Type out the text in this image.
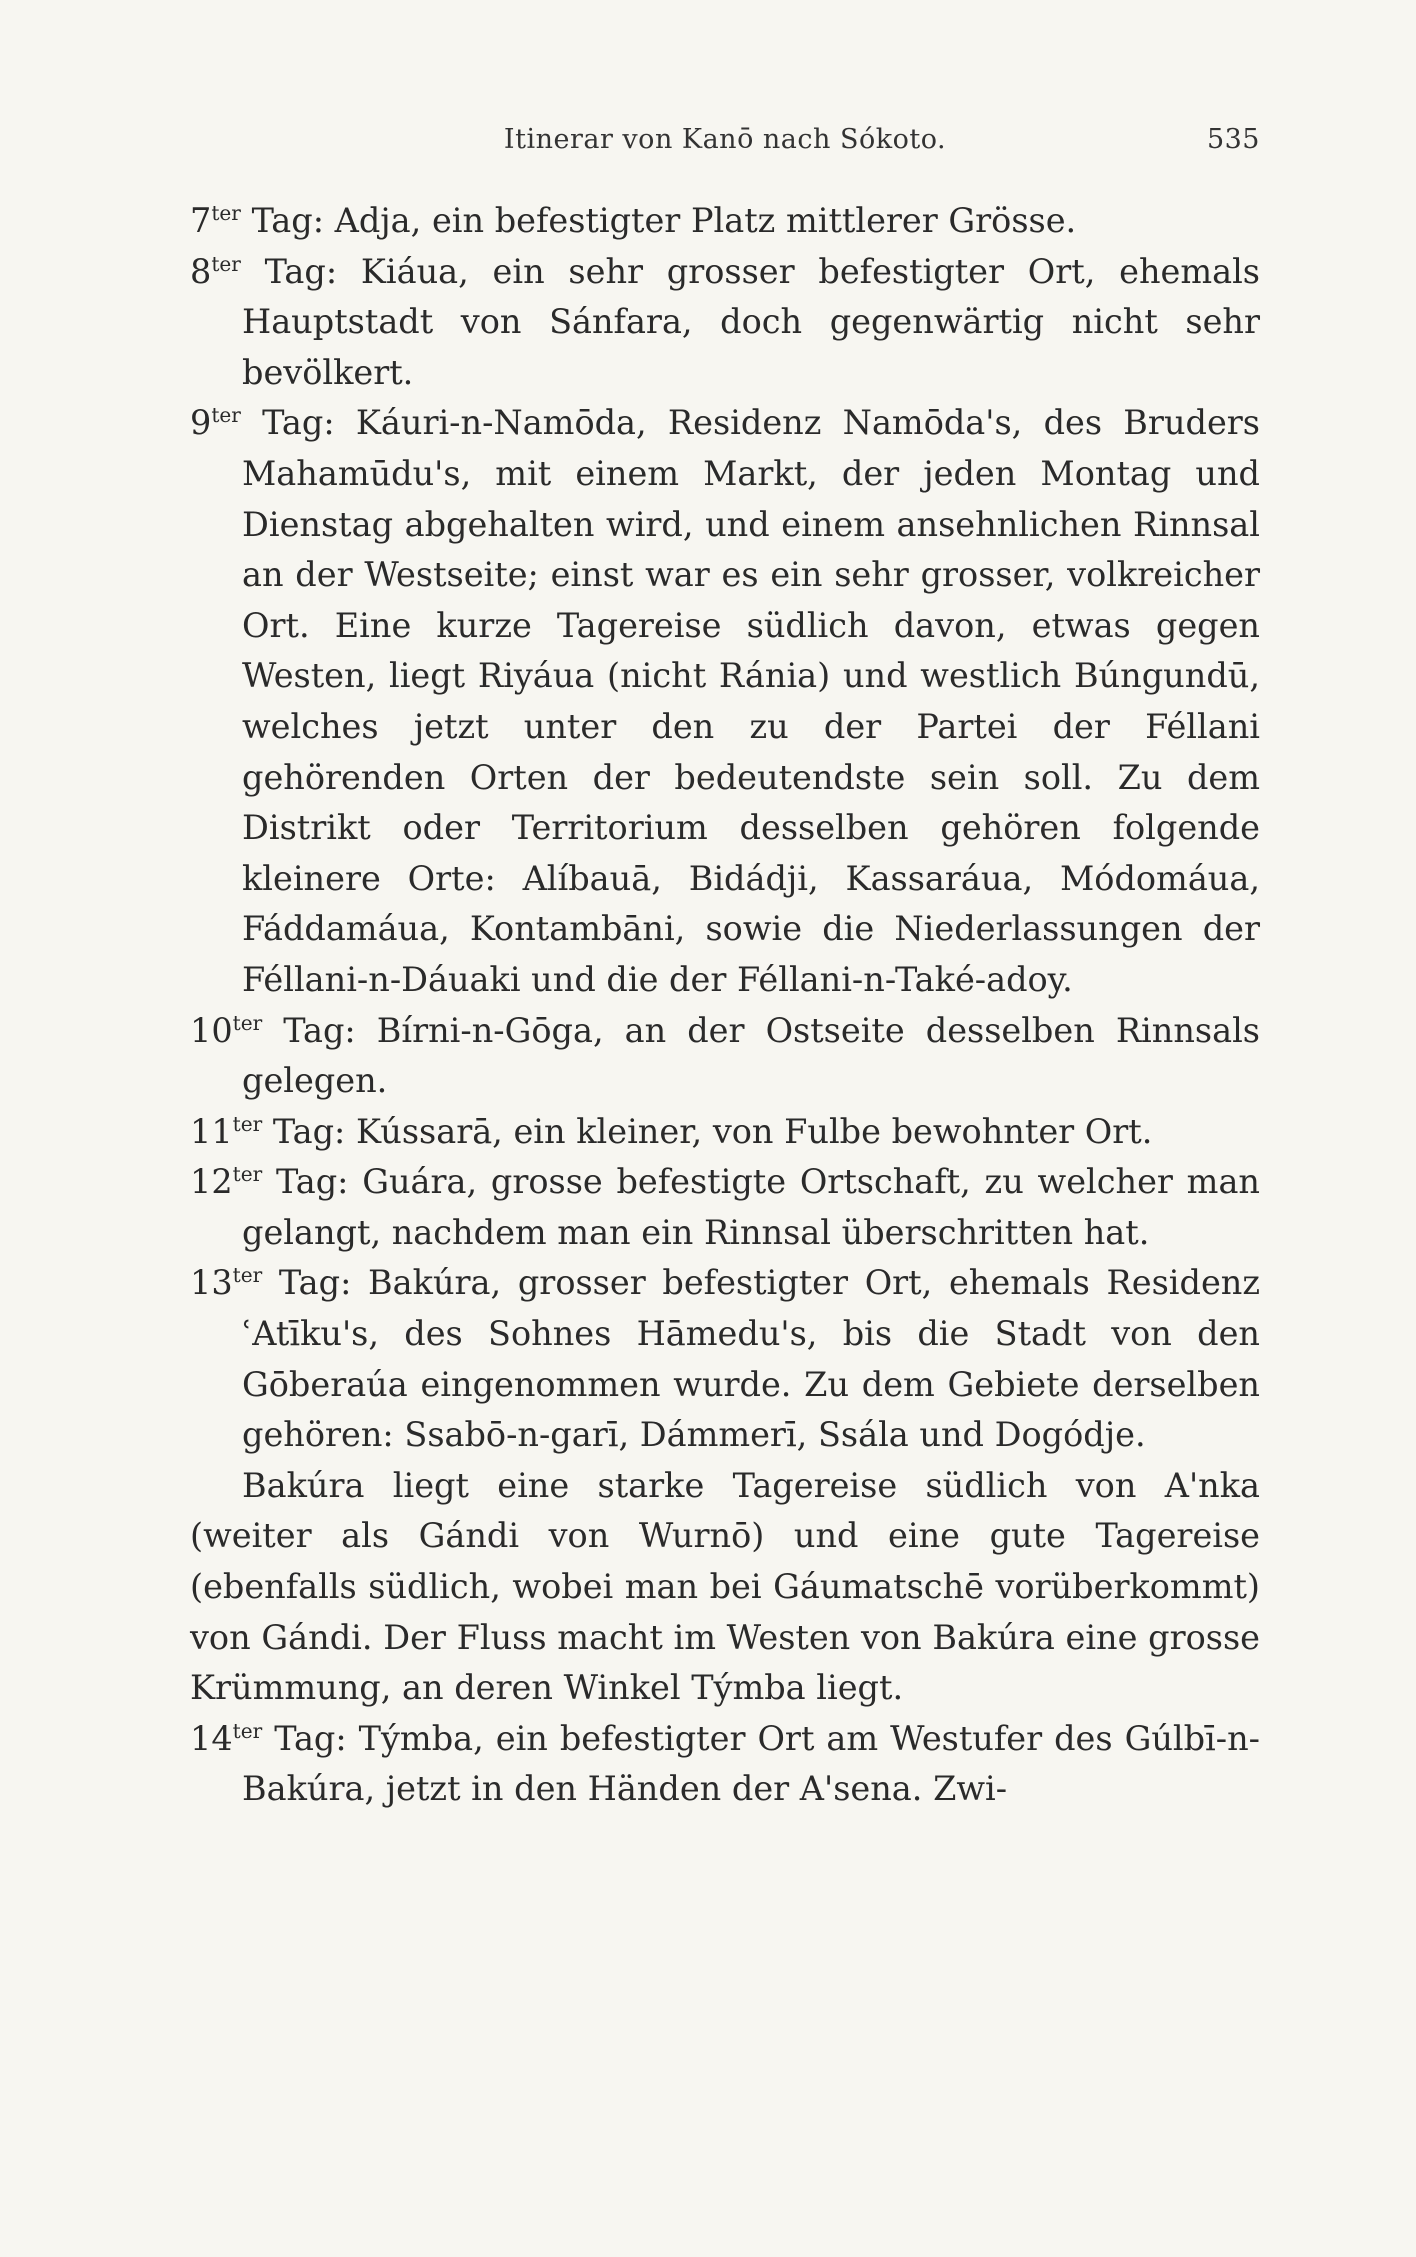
Itinerar von Kanō nach Sókoto.	535
$7^{ter}$ Tag: Adja, ein befestigter Platz mittlerer Grösse.
$8^{ter}$ Tag: Kiáua, ein sehr grosser befestigter Ort, ehemals Hauptstadt von Sánfara, doch gegenwärtig nicht sehr bevölkert.
$9^{ter}$ Tag: Káuri-n-Namōda, Residenz Namōda's, des Bruders Mahamūdu's, mit einem Markt, der jeden Montag und Dienstag abgehalten wird, und einem ansehnlichen Rinnsal an der Westseite; einst war es ein sehr grosser, volkreicher Ort. Eine kurze Tagereise südlich davon, etwas gegen Westen, liegt Riyáua (nicht Ránia) und westlich Búngundū, welches jetzt unter den zu der Partei der Féllani gehörenden Orten der bedeutendste sein soll. Zu dem Distrikt oder Territorium desselben gehören folgende kleinere Orte: Alíbauā, Bidádji, Kassaráua, Módomáua, Fáddamáua, Kontambāni, sowie die Niederlassungen der Féllani-n-Dáuaki und die der Féllani-n-Také-adoy.
$10^{ter}$ Tag: Bírni-n-Gōga, an der Ostseite desselben Rinnsals gelegen.
$11^{ter}$ Tag: Kússarā, ein kleiner, von Fulbe bewohnter Ort.
$12^{ter}$ Tag: Guára, grosse befestigte Ortschaft, zu welcher man gelangt, nachdem man ein Rinnsal überschritten hat.
$13^{ter}$ Tag: Bakúra, grosser befestigter Ort, ehemals Residenz ʿAtīku's, des Sohnes Hāmedu's, bis die Stadt von den Gōberaúa eingenommen wurde. Zu dem Gebiete derselben gehören: Ssabō-n-garī, Dámmerī, Ssála und Dogódje.
Bakúra liegt eine starke Tagereise südlich von A'nka (weiter als Gándi von Wurnō) und eine gute Tagereise (ebenfalls südlich, wobei man bei Gáumatschē vorüberkommt) von Gándi. Der Fluss macht im Westen von Bakúra eine grosse Krümmung, an deren Winkel Týmba liegt.
$14^{ter}$ Tag: Týmba, ein befestigter Ort am Westufer des Gúlbī-n-Bakúra, jetzt in den Händen der A'sena. Zwi-
